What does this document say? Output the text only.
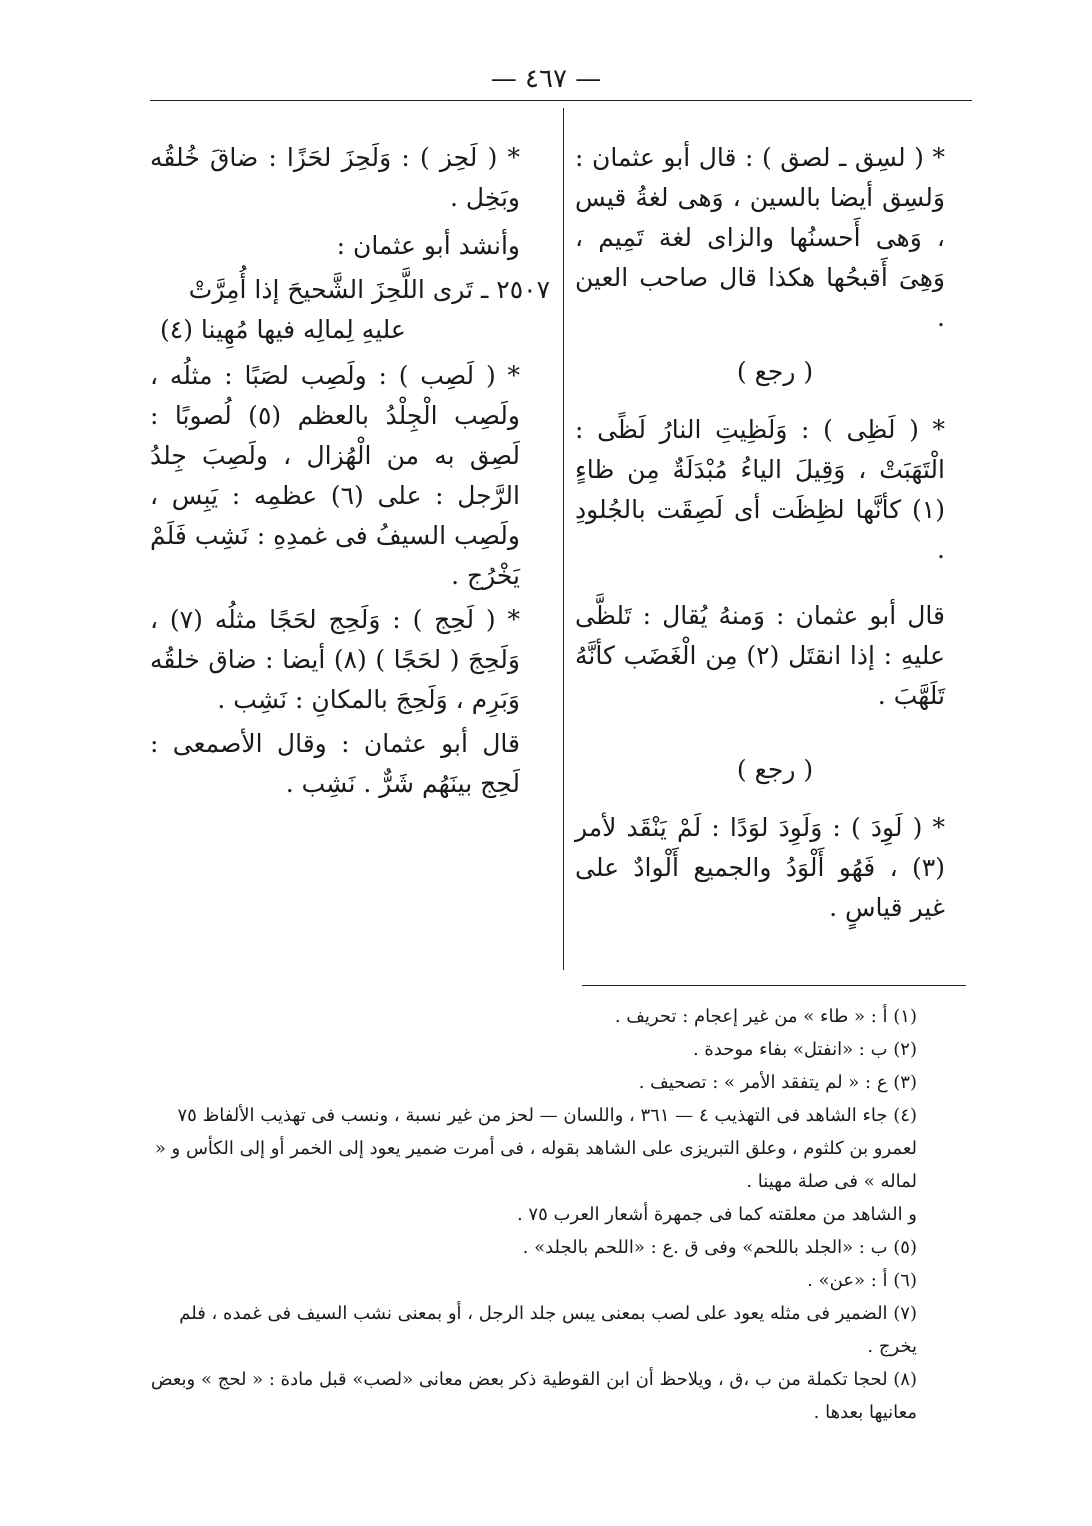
— ٤٦٧ —

* ( لسِق ـ لصق ) : قال أبو عثمان : وَلسِق أيضا بالسين ، وَهى لغةُ قيس ، وَهى أَحسنُها والزاى لغة تَمِيم ، وَهِىَ أَقبحُها هكذا قال صاحب العين .

( رجع )

* ( لَظِى ) : وَلَظِيتِ النارُ لَظًى : الْتَهَبَتْ ، وَقِيلَ الياءُ مُبْدَلَةٌ مِن ظاءٍ (١) كأنَّها لظِظَت أى لَصِقَت بالجُلودِ .

قال أبو عثمان : وَمنهُ يُقال : تَلظَّى عليهِ : إذا انقتَل (٢) مِن الْغَضَب كأنَّهُ تَلَهَّبَ .

( رجع )

* ( لَوِدَ ) : وَلَوِدَ لوَدًا : لَمْ يَنْقَد لأمر (٣) ، فَهُو أَلْوَدُ والجميع أَلْوادٌ على غير قياسٍ .

* ( لَحِز ) : وَلَحِزَ لحَزًا : ضاقَ خُلقُه وبَخِل .

وأنشد أبو عثمان :

٢٥٠٧ ـ تَرى اللَّحِزَ الشَّحيحَ إذا أُمِرَّتْ
عليهِ لِمالِه فيها مُهِينا (٤)

* ( لَصِب ) : ولَصِب لصَبًا : مثلُه ، ولَصِب الْجِلْدُ بالعظم (٥) لُصوبًا : لَصِق به من الْهُزال ، ولَصِبَ جِلدُ الرَّجل : على (٦) عظمِه : يَبِس ، ولَصِب السيفُ فى غمدِهِ : نَشِب فَلَمْ يَخْرُج .

* ( لَحِج ) : وَلَحِج لحَجًا مثلُه (٧) ، وَلَحِجَ ( لحَجًا ) (٨) أيضا : ضاق خلقُه وَبَرِم ، وَلَحِجَ بالمكانِ : نَشِب .

قال أبو عثمان : وقال الأصمعى : لَحِج بينَهُم شَرٌّ . نَشِب .

(١) أ : « طاء » من غير إعجام : تحريف .

(٢) ب : «انفتل» بفاء موحدة .

(٣) ع : « لم يتفقد الأمر » : تصحيف .

(٤) جاء الشاهد فى التهذيب ٤ — ٣٦١ ، واللسان — لحز من غير نسبة ، ونسب فى تهذيب الألفاظ ٧٥ لعمرو بن كلثوم ، وعلق التبريزى على الشاهد بقوله ، فى أمرت ضمير يعود إلى الخمر أو إلى الكأس و « لماله » فى صلة مهينا .

و الشاهد من معلقته كما فى جمهرة أشعار العرب ٧٥ .

(٥) ب : «الجلد باللحم» وفى ق .ع : «اللحم بالجلد» .

(٦) أ : «عن» .

(٧) الضمير فى مثله يعود على لصب بمعنى يبس جلد الرجل ، أو بمعنى نشب السيف فى غمده ، فلم يخرج .

(٨) لحجا تكملة من ب ،ق ، ويلاحظ أن ابن القوطية ذكر بعض معانى «لصب» قبل مادة : « لحج » وبعض معانيها بعدها .
